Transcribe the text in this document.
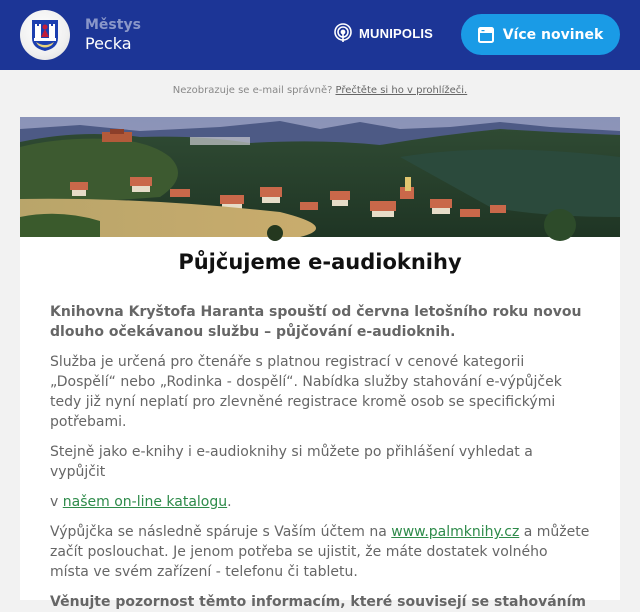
Městys
Pecka
MUNIPOLIS	Více novinek
Nezobrazuje se e-mail správně? Přečtěte si ho v prohlížeči.
Půjčujeme e-audioknihy

Knihovna Kryštofa Haranta spouští od června letošního roku novou dlouho očekávanou službu – půjčování e-audioknih.

Služba je určená pro čtenáře s platnou registrací v cenové kategorii „Dospělí“ nebo „Rodinka - dospělí“. Nabídka služby stahování e-výpůjček tedy již nyní neplatí pro zlevněné registrace kromě osob se specifickými potřebami.

Stejně jako e-knihy i e-audioknihy si můžete po přihlášení vyhledat a vypůjčit

v našem on-line katalogu.

Výpůjčka se následně spáruje s Vaším účtem na www.palmknihy.cz a můžete začít poslouchat. Je jenom potřeba se ujistit, že máte dostatek volného místa ve svém zařízení - telefonu či tabletu.

Věnujte pozornost těmto informacím, které souvisejí se stahováním
